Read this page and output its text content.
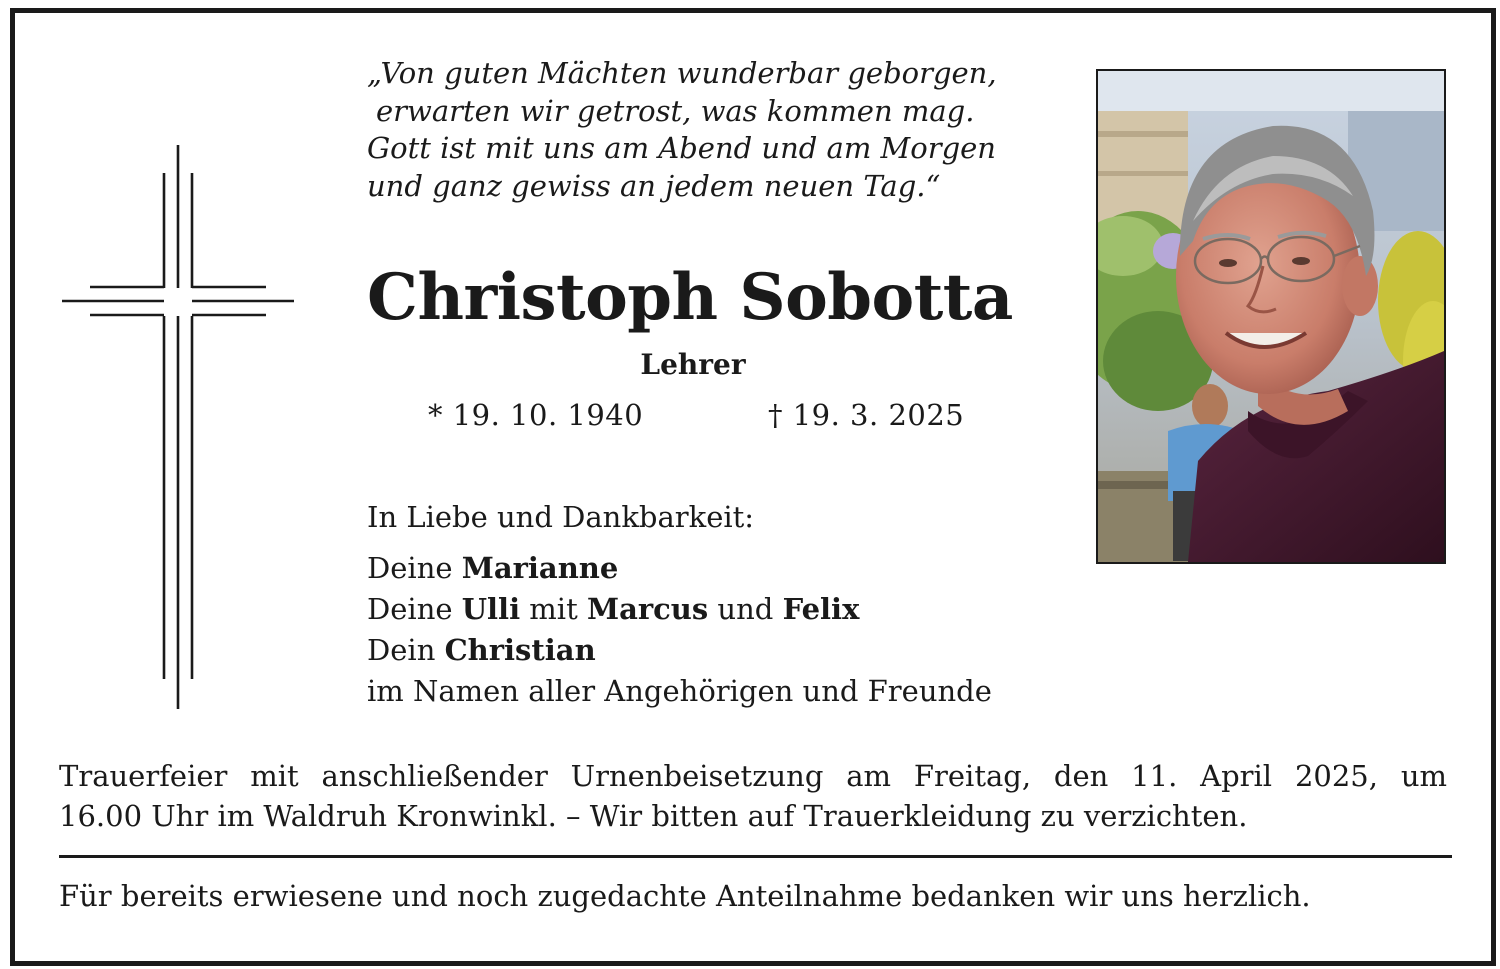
„Von guten Mächten wunderbar geborgen,
erwarten wir getrost, was kommen mag.
Gott ist mit uns am Abend und am Morgen
und ganz gewiss an jedem neuen Tag.“
Christoph Sobotta
Lehrer
* 19. 10. 1940	† 19. 3. 2025
In Liebe und Dankbarkeit:
Deine Marianne
Deine Ulli mit Marcus und Felix
Dein Christian
im Namen aller Angehörigen und Freunde
Trauerfeier mit anschließender Urnenbeisetzung am Freitag, den 11. April 2025, um
16.00 Uhr im Waldruh Kronwinkl. – Wir bitten auf Trauerkleidung zu verzichten.
Für bereits erwiesene und noch zugedachte Anteilnahme bedanken wir uns herzlich.
